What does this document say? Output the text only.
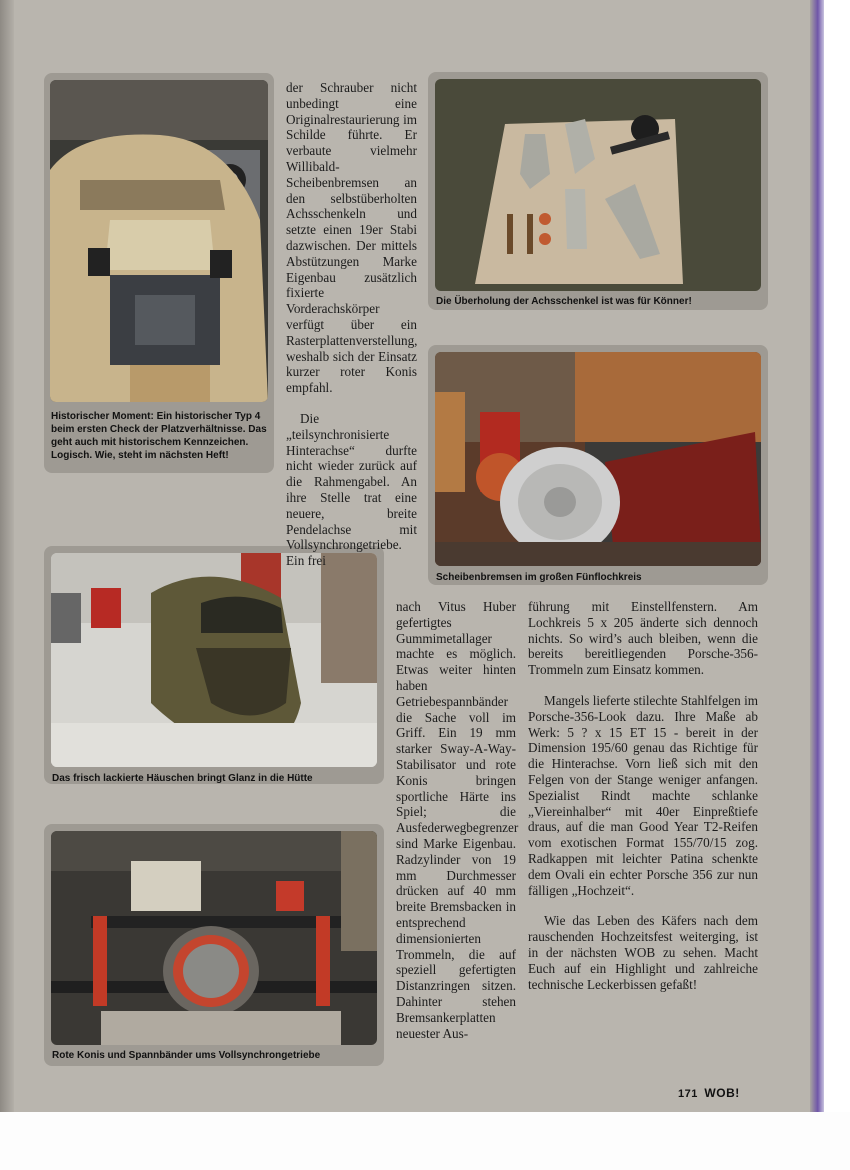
Historischer Moment: Ein historischer Typ 4 beim ersten Check der Platzverhältnisse. Das geht auch mit historischem Kennzeichen. Logisch. Wie, steht im nächsten Heft!
Die Überholung der Achsschenkel ist was für Könner!
Scheibenbremsen im großen Fünflochkreis
Das frisch lackierte Häuschen bringt Glanz in die Hütte
Rote Konis und Spannbänder ums Vollsynchrongetriebe

der Schrauber nicht unbedingt eine Originalrestaurierung im Schilde führte. Er verbaute vielmehr Willibald-Scheibenbremsen an den selbstüberholten Achsschenkeln und setzte einen 19er Stabi dazwischen. Der mittels Abstützungen Marke Eigenbau zusätzlich fixierte Vorderachskörper verfügt über ein Rasterplattenverstellung, weshalb sich der Einsatz kurzer roter Konis empfahl.

Die „teilsynchronisierte Hinterachse“ durfte nicht wieder zurück auf die Rahmengabel. An ihre Stelle trat eine neuere, breite Pendelachse mit Vollsynchrongetriebe. Ein frei

nach Vitus Huber gefertigtes Gummimetallager machte es möglich. Etwas weiter hinten haben Getriebespannbänder die Sache voll im Griff. Ein 19 mm starker Sway-A-Way-Stabilisator und rote Konis bringen sportliche Härte ins Spiel; die Ausfederwegbegrenzer sind Marke Eigenbau. Radzylinder von 19 mm Durchmesser drücken auf 40 mm breite Bremsbacken in entsprechend dimensionierten Trommeln, die auf speziell gefertigten Distanzringen sitzen. Dahinter stehen Bremsankerplatten neuester Aus-

führung mit Einstellfenstern. Am Lochkreis 5 x 205 änderte sich dennoch nichts. So wird’s auch bleiben, wenn die bereits bereitliegenden Porsche-356-Trommeln zum Einsatz kommen.

Mangels lieferte stilechte Stahlfelgen im Porsche-356-Look dazu. Ihre Maße ab Werk: 5 ? x 15 ET 15 - bereit in der Dimension 195/60 genau das Richtige für die Hinterachse. Vorn ließ sich mit den Felgen von der Stange weniger anfangen. Spezialist Rindt machte schlanke „Viereinhalber“ mit 40er Einpreßtiefe draus, auf die man Good Year T2-Reifen vom exotischen Format 155/70/15 zog. Radkappen mit leichter Patina schenkte dem Ovali ein echter Porsche 356 zur nun fälligen „Hochzeit“.

Wie das Leben des Käfers nach dem rauschenden Hochzeitsfest weiterging, ist in der nächsten WOB zu sehen. Macht Euch auf ein Highlight und zahlreiche technische Leckerbissen gefaßt!

171 WOB!
